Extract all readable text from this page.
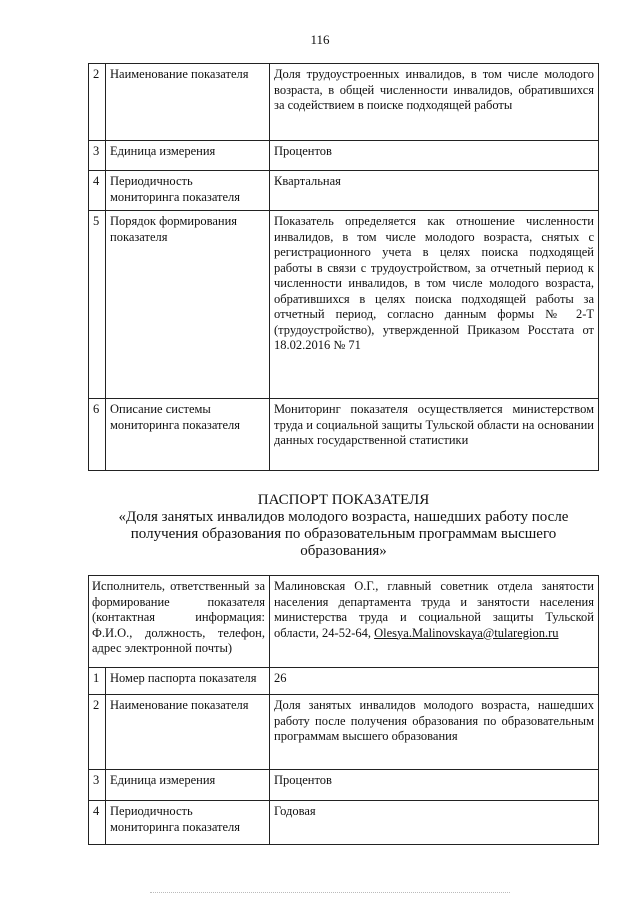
116
2	Наименование показателя	Доля трудоустроенных инвалидов, в том числе молодого возраста, в общей численности инвалидов, обратившихся за содействием в поиске подходящей работы
3	Единица измерения	Процентов
4	Периодичность мониторинга показателя	Квартальная
5	Порядок формирования показателя	Показатель определяется как отношение численности инвалидов, в том числе молодого возраста, снятых с регистрационного учета в целях поиска подходящей работы в связи с трудоустройством, за отчетный период к численности инвалидов, в том числе молодого возраста, обратившихся в целях поиска подходящей работы за отчетный период, согласно данным формы № 2-Т (трудоустройство), утвержденной Приказом Росстата от 18.02.2016 № 71
6	Описание системы мониторинга показателя	Мониторинг показателя осуществляется министерством труда и социальной защиты Тульской области на основании данных государственной статистики
ПАСПОРТ ПОКАЗАТЕЛЯ
«Доля занятых инвалидов молодого возраста, нашедших работу после получения образования по образовательным программам высшего образования»
Исполнитель, ответственный за формирование показателя (контактная информация: Ф.И.О., должность, телефон, адрес электронной почты)		Малиновская О.Г., главный советник отдела занятости населения департамента труда и занятости населения министерства труда и социальной защиты Тульской области, 24-52-64, Olesya.Malinovskaya@tularegion.ru
1	Номер паспорта показателя	26
2	Наименование показателя	Доля занятых инвалидов молодого возраста, нашедших работу после получения образования по образовательным программам высшего образования
3	Единица измерения	Процентов
4	Периодичность мониторинга показателя	Годовая
